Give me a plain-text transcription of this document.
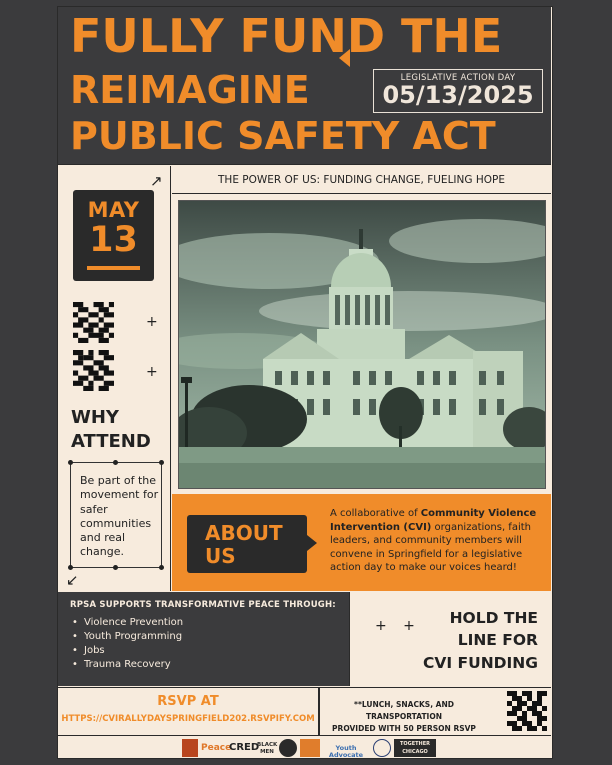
FULLY FUND THE
REIMAGINE
PUBLIC SAFETY ACT
LEGISLATIVE ACTION DAY
05/13/2025
↗
MAY
13
+
+
WHY
ATTEND
Be part of the movement for safer communities and real change.
↙
THE POWER OF US: FUNDING CHANGE, FUELING HOPE
ABOUT
US
A collaborative of Community Violence Intervention (CVI) organizations, faith leaders, and community members will convene in Springfield for a legislative action day to make our voices heard!
RPSA SUPPORTS TRANSFORMATIVE PEACE THROUGH:
• Violence Prevention
• Youth Programming
• Jobs
• Trauma Recovery
+ +	HOLD THE
LINE FOR
CVI FUNDING
RSVP AT
HTTPS://CVIRALLYDAYSPRINGFIELD202.RSVPIFY.COM
**LUNCH, SNACKS, AND TRANSPORTATION
PROVIDED WITH 50 PERSON RSVP
Peace
CRED
BLACK MEN	Youth Advocate
TOGETHER CHICAGO
